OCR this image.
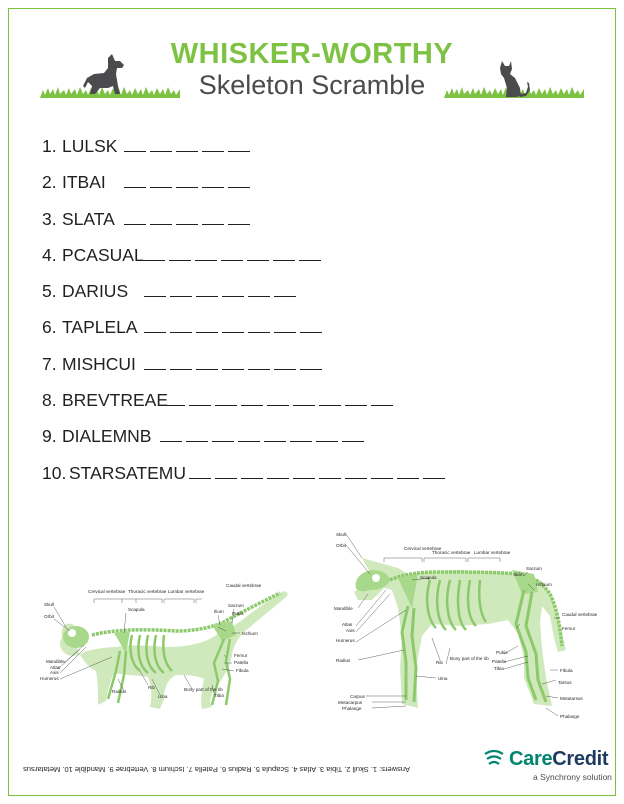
WHISKER-WORTHY
Skeleton Scramble
1. LULSK
2. ITBAI
3. SLATA
4. PCASUAL
5. DARIUS
6. TAPLELA
7. MISHCUI
8. BREVTREAE
9. DIALEMNB
10. STARSATEMU
Cervical vertebrae Thoracic vertebrae Lumbar vertebrae
Caudal vertebrae
Skull
Orbit
Scapula	Ilium
Sacrum
Pubis
Ischium
Mandible
Atlas
Axis
Humerus
Femur
Patella
Fibula
Rib
Ulna
Radius	Bony part of the rib
Tibia
Skull
Orbit
Cervical vertebrae
Thoracic vertebrae Lumbar vertebrae
Scapula
Ilium
Sacrum
Ischium
Mandible
Atlas
Axis
Humerus
Caudal vertebrae
Femur
Radius	Rib
Bony part of the rib
Pubis
Patella
Tibia	Fibula
Ulna
Tarsus
Carpus
Metacarpus
Phalange
Metatarsus
Phalange
Answers: 1. Skull 2. Tibia 3. Atlas 4. Scapula 5. Radius 6. Patella 7. Ischium 8. Vertebrae 9. Mandible 10. Metatarsus	CareCredit
a Synchrony solution
